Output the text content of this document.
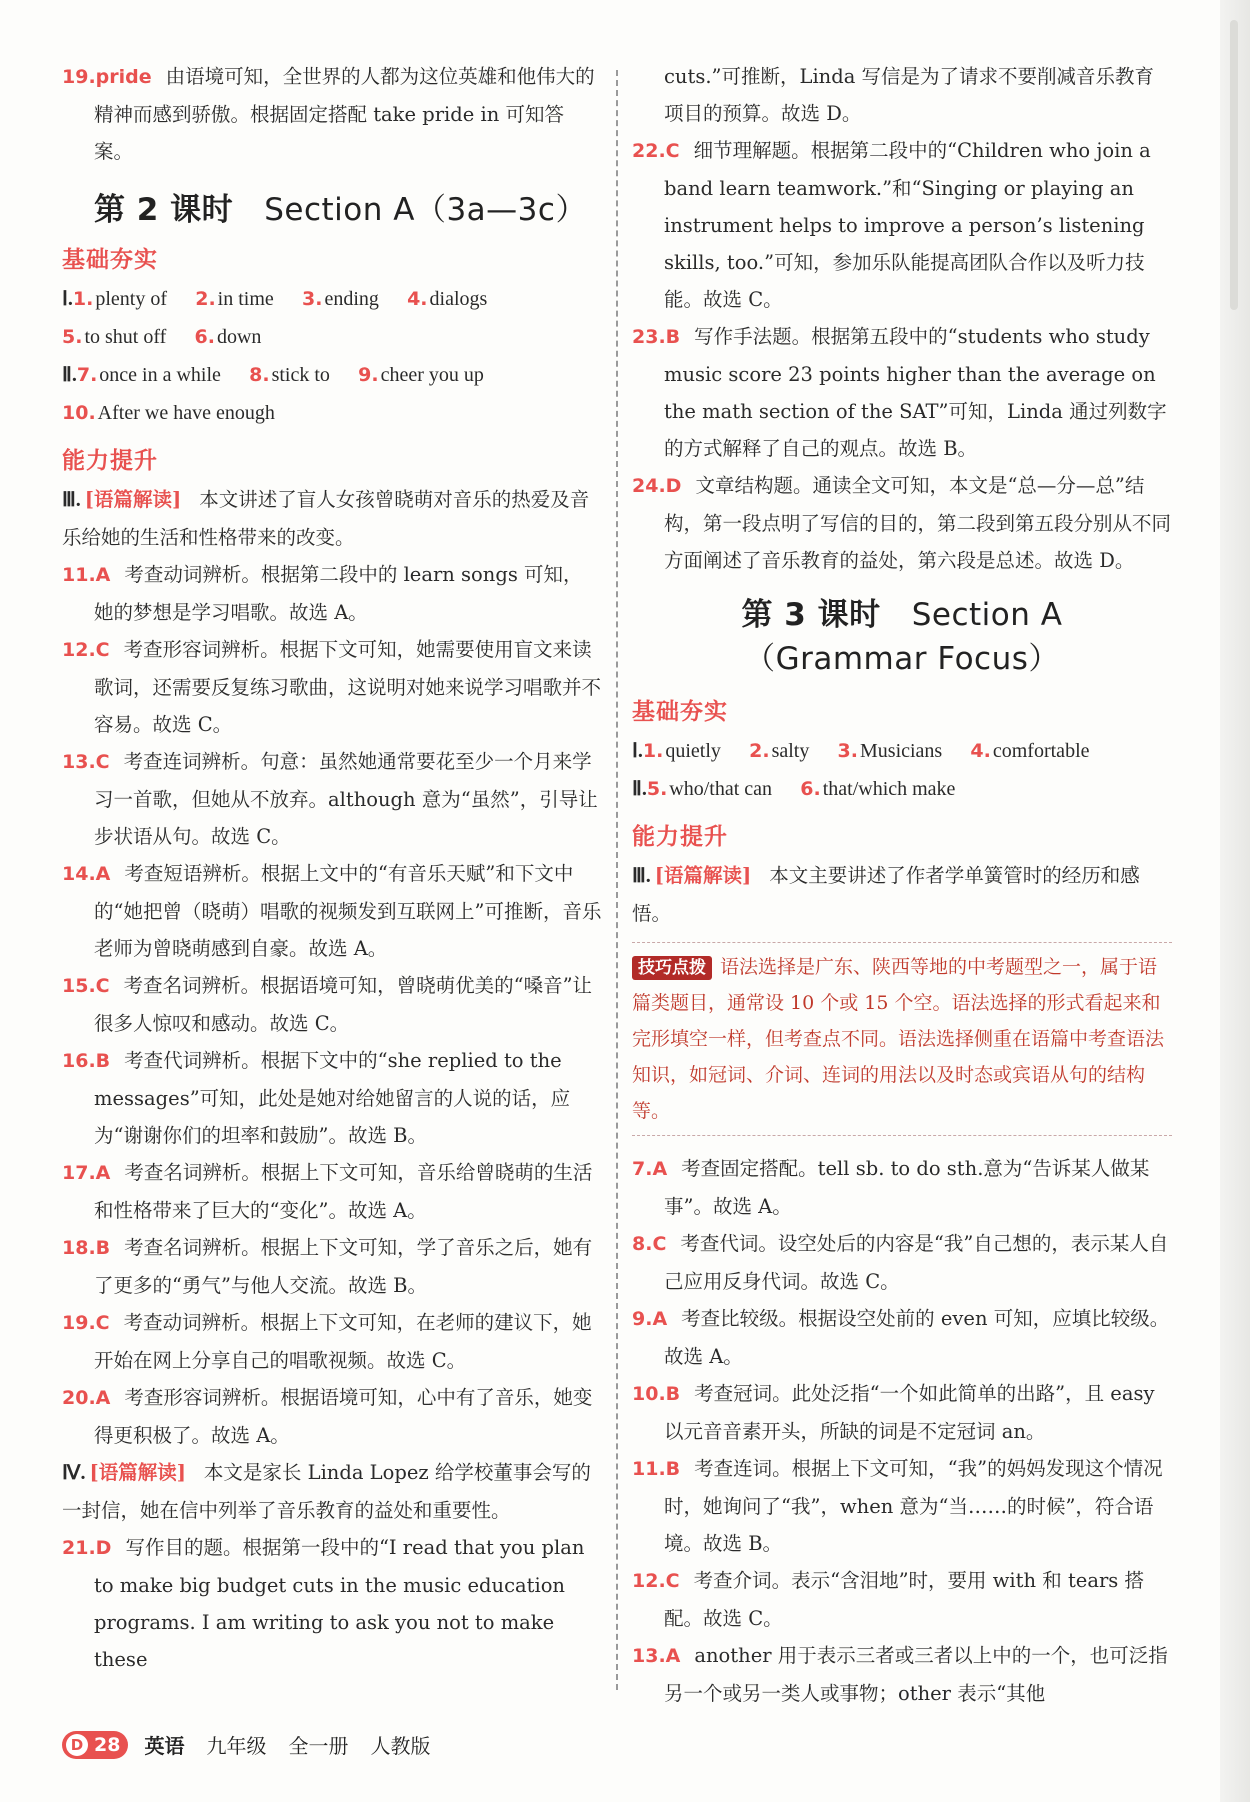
19.pride 由语境可知，全世界的人都为这位英雄和他伟大的精神而感到骄傲。根据固定搭配 take pride in 可知答案。

第 2 课时 Section A（3a—3c）
基础夯实
Ⅰ.1. plenty of 2. in time 3. ending 4. dialogs
5. to shut off 6. down
Ⅱ.7. once in a while 8. stick to 9. cheer you up
10. After we have enough
能力提升

Ⅲ. [语篇解读] 本文讲述了盲人女孩曾晓萌对音乐的热爱及音乐给她的生活和性格带来的改变。

11.A 考查动词辨析。根据第二段中的 learn songs 可知，她的梦想是学习唱歌。故选 A。

12.C 考查形容词辨析。根据下文可知，她需要使用盲文来读歌词，还需要反复练习歌曲，这说明对她来说学习唱歌并不容易。故选 C。

13.C 考查连词辨析。句意：虽然她通常要花至少一个月来学习一首歌，但她从不放弃。although 意为“虽然”，引导让步状语从句。故选 C。

14.A 考查短语辨析。根据上文中的“有音乐天赋”和下文中的“她把曾（晓萌）唱歌的视频发到互联网上”可推断，音乐老师为曾晓萌感到自豪。故选 A。

15.C 考查名词辨析。根据语境可知，曾晓萌优美的“嗓音”让很多人惊叹和感动。故选 C。

16.B 考查代词辨析。根据下文中的“she replied to the messages”可知，此处是她对给她留言的人说的话，应为“谢谢你们的坦率和鼓励”。故选 B。

17.A 考查名词辨析。根据上下文可知，音乐给曾晓萌的生活和性格带来了巨大的“变化”。故选 A。

18.B 考查名词辨析。根据上下文可知，学了音乐之后，她有了更多的“勇气”与他人交流。故选 B。

19.C 考查动词辨析。根据上下文可知，在老师的建议下，她开始在网上分享自己的唱歌视频。故选 C。

20.A 考查形容词辨析。根据语境可知，心中有了音乐，她变得更积极了。故选 A。

Ⅳ. [语篇解读] 本文是家长 Linda Lopez 给学校董事会写的一封信，她在信中列举了音乐教育的益处和重要性。

21.D 写作目的题。根据第一段中的“I read that you plan to make big budget cuts in the music education programs. I am writing to ask you not to make these

cuts.”可推断，Linda 写信是为了请求不要削减音乐教育项目的预算。故选 D。

22.C 细节理解题。根据第二段中的“Children who join a band learn teamwork.”和“Singing or playing an instrument helps to improve a person’s listening skills, too.”可知，参加乐队能提高团队合作以及听力技能。故选 C。

23.B 写作手法题。根据第五段中的“students who study music score 23 points higher than the average on the math section of the SAT”可知，Linda 通过列数字的方式解释了自己的观点。故选 B。

24.D 文章结构题。通读全文可知，本文是“总—分—总”结构，第一段点明了写信的目的，第二段到第五段分别从不同方面阐述了音乐教育的益处，第六段是总述。故选 D。

第 3 课时 Section A
（Grammar Focus）
基础夯实
Ⅰ.1. quietly 2. salty 3. Musicians 4. comfortable
Ⅱ.5. who/that can 6. that/which make
能力提升

Ⅲ. [语篇解读] 本文主要讲述了作者学单簧管时的经历和感悟。

技巧点拨 语法选择是广东、陕西等地的中考题型之一，属于语篇类题目，通常设 10 个或 15 个空。语法选择的形式看起来和完形填空一样，但考查点不同。语法选择侧重在语篇中考查语法知识，如冠词、介词、连词的用法以及时态或宾语从句的结构等。

7.A 考查固定搭配。tell sb. to do sth.意为“告诉某人做某事”。故选 A。

8.C 考查代词。设空处后的内容是“我”自己想的，表示某人自己应用反身代词。故选 C。

9.A 考查比较级。根据设空处前的 even 可知，应填比较级。故选 A。

10.B 考查冠词。此处泛指“一个如此简单的出路”，且 easy 以元音音素开头，所缺的词是不定冠词 an。

11.B 考查连词。根据上下文可知，“我”的妈妈发现这个情况时，她询问了“我”，when 意为“当……的时候”，符合语境。故选 B。

12.C 考查介词。表示“含泪地”时，要用 with 和 tears 搭配。故选 C。

13.A another 用于表示三者或三者以上中的一个，也可泛指另一个或另一类人或事物；other 表示“其他

D 28 英语 九年级 全一册 人教版
